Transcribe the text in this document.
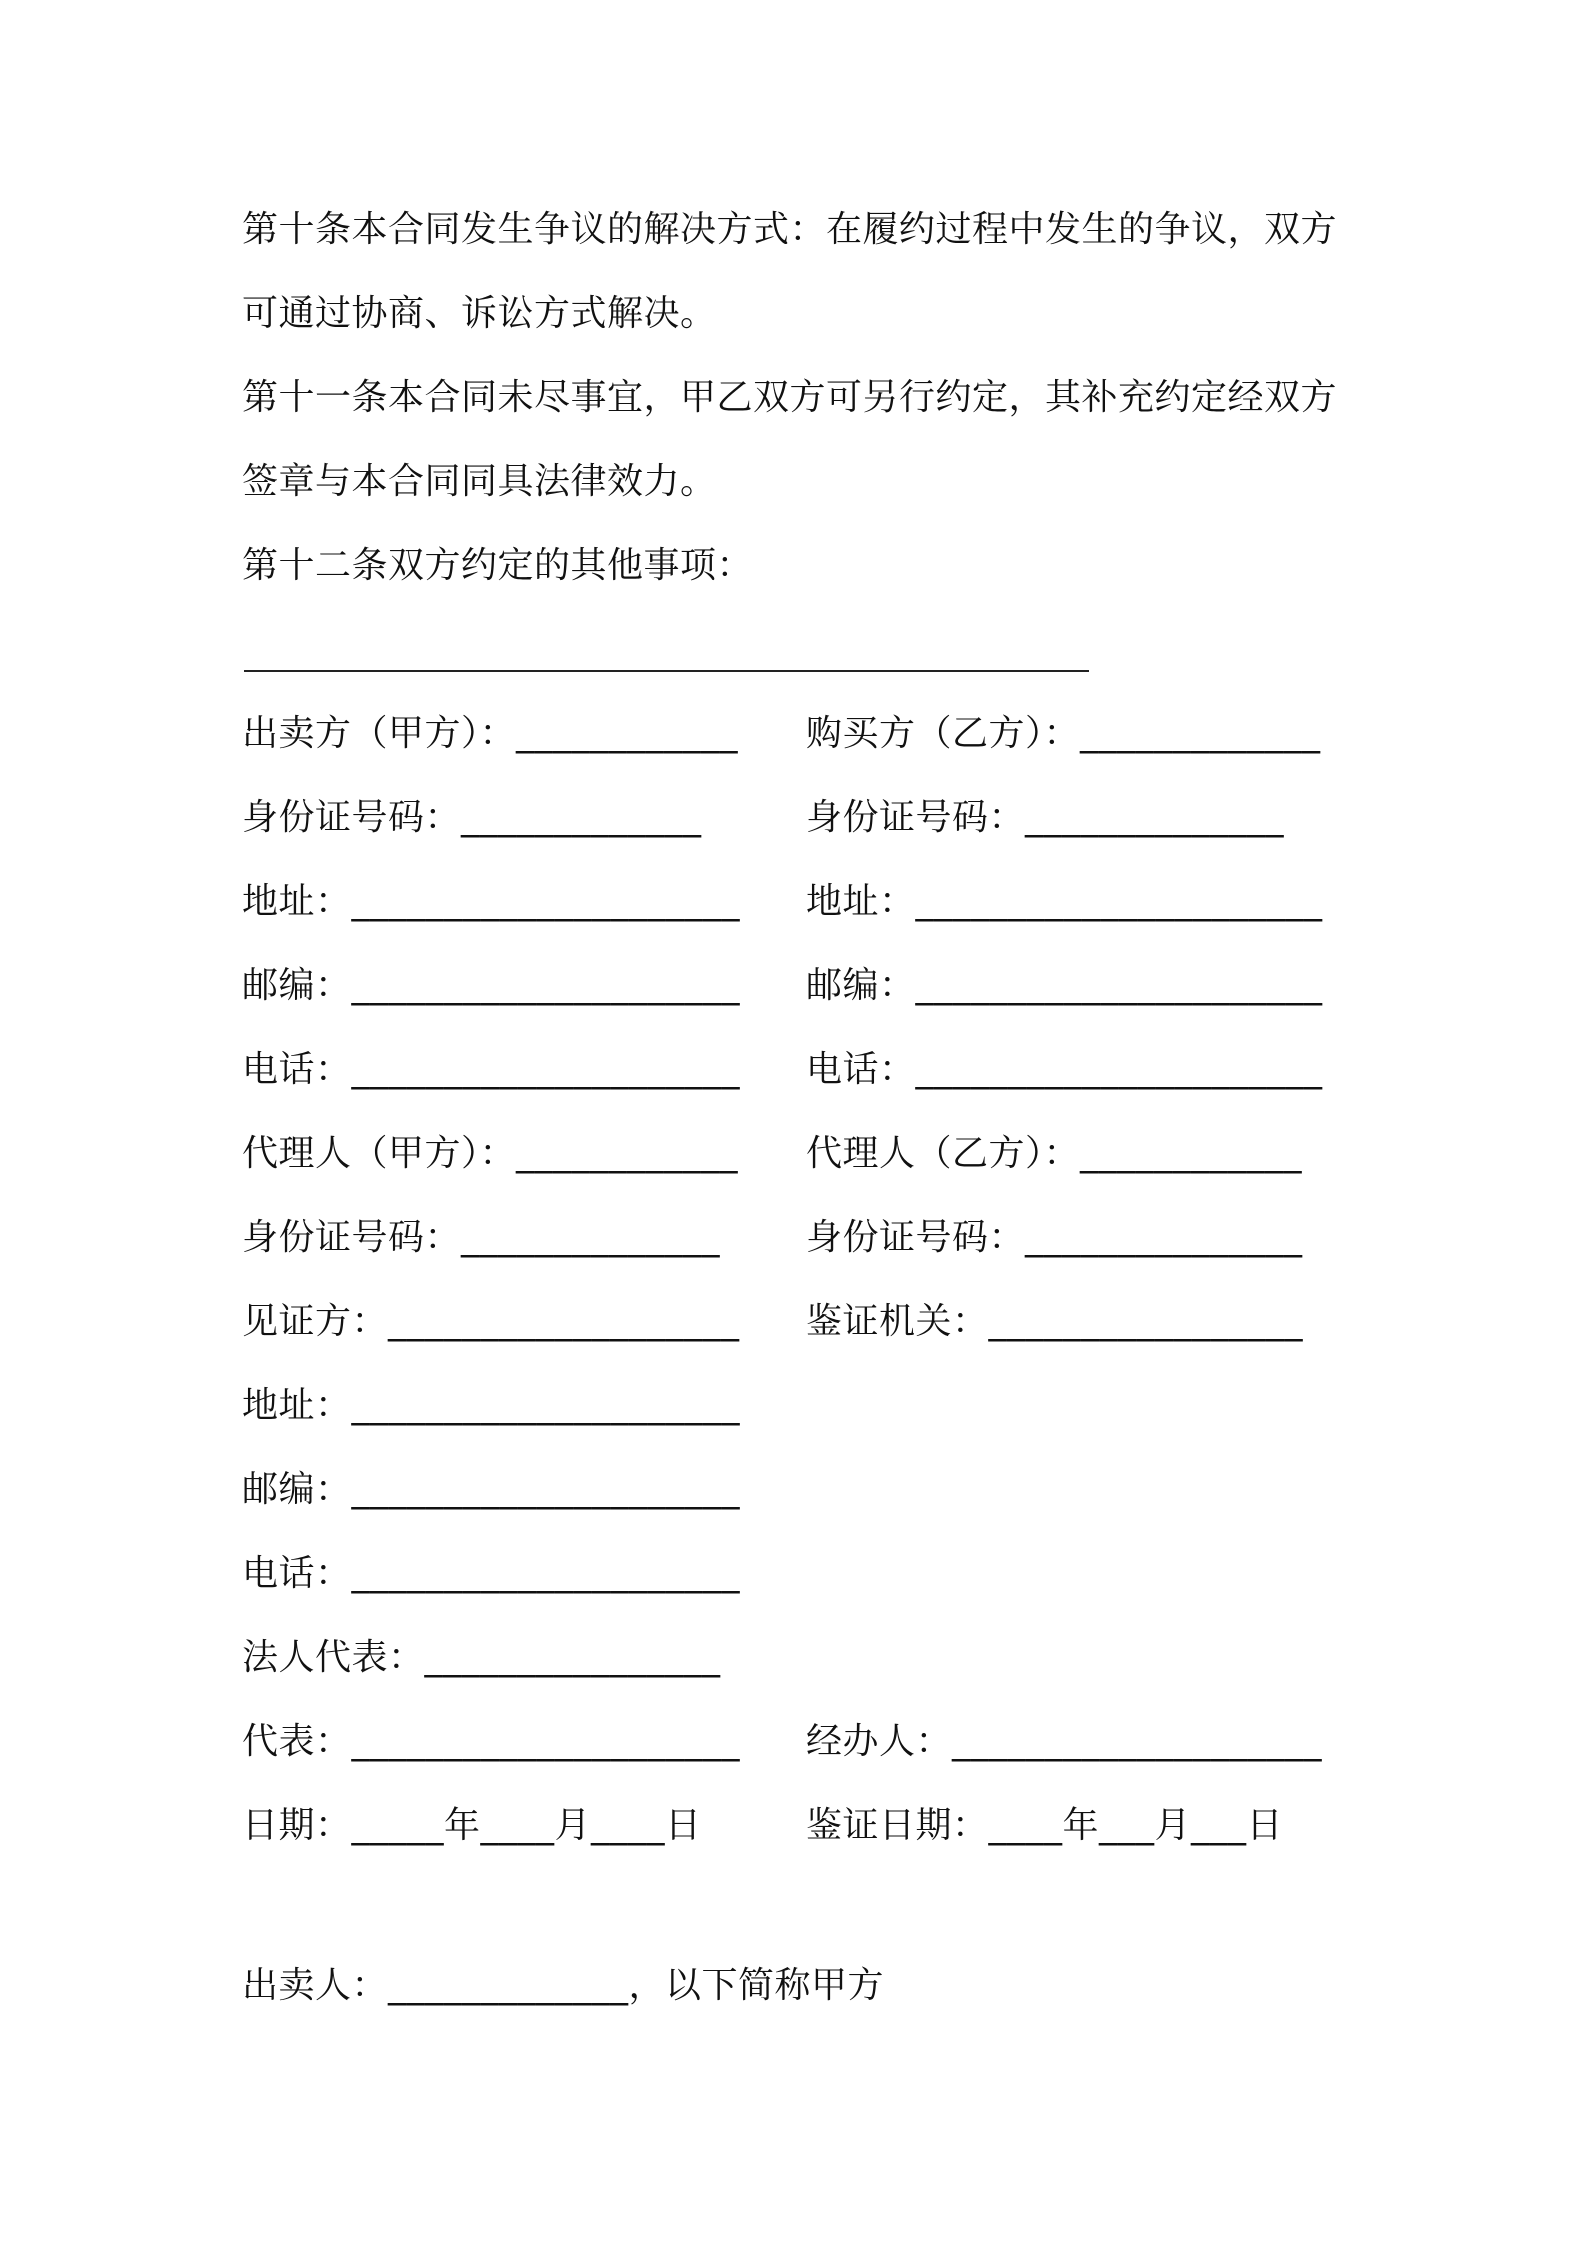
第十条本合同发生争议的解决方式：在履约过程中发生的争议，双方
可通过协商、诉讼方式解决。
第十一条本合同未尽事宜，甲乙双方可另行约定，其补充约定经双方
签章与本合同同具法律效力。
第十二条双方约定的其他事项：
出卖方（甲方）：____________ 购买方（乙方）：_____________
身份证号码：_____________	身份证号码：______________
地址：_____________________ 地址：______________________
邮编：_____________________ 邮编：______________________
电话：_____________________ 电话：______________________
代理人（甲方）：____________ 代理人（乙方）：____________
身份证号码：______________ 身份证号码：_______________
见证方：___________________ 鉴证机关：_________________
地址：_____________________
邮编：_____________________
电话：_____________________
法人代表：________________
代表：_____________________ 经办人：____________________
日期：_____年____月____日	鉴证日期：____年___月___日
出卖人：_____________，以下简称甲方
